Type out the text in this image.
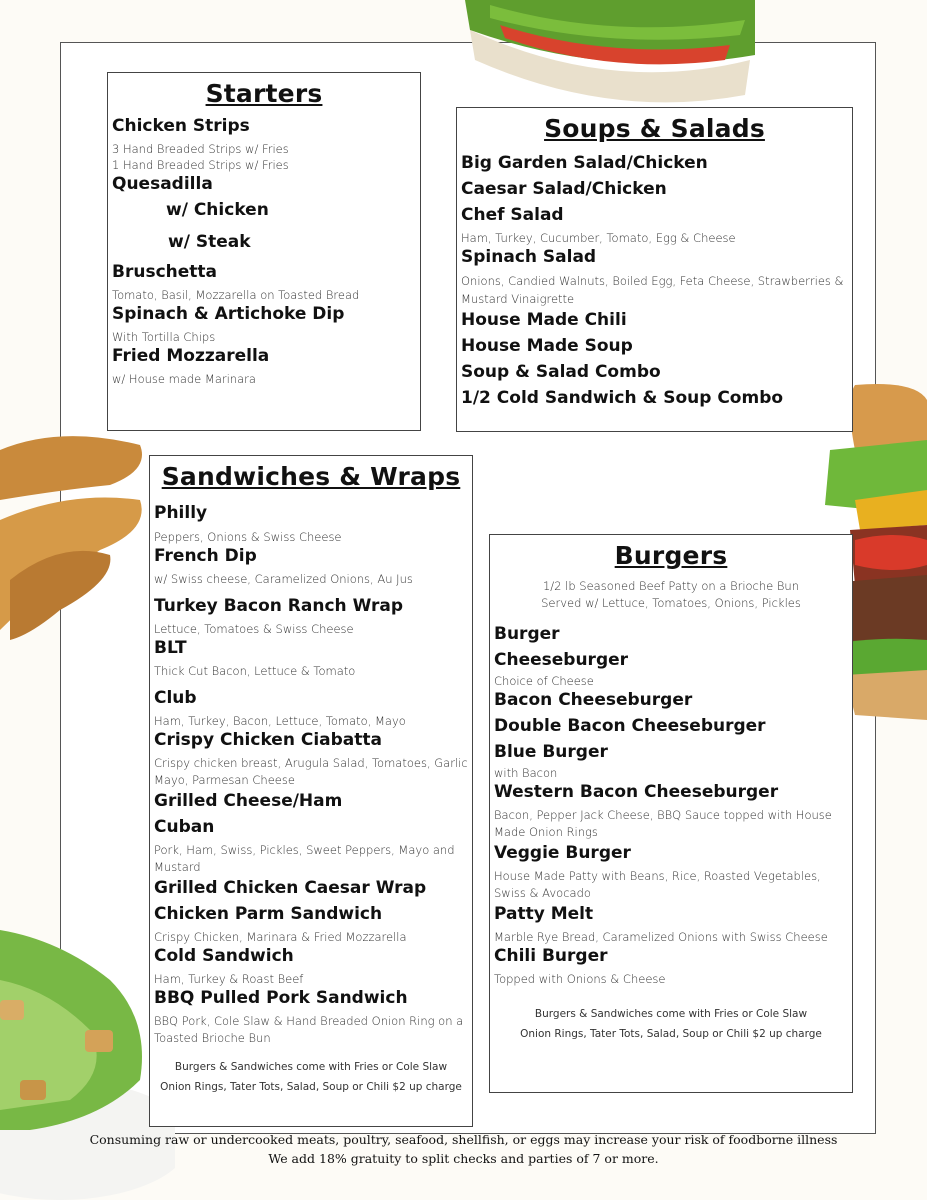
Starters

Chicken Strips

3 Hand Breaded Strips w/ Fries

1 Hand Breaded Strips w/ Fries

Quesadilla

w/ Chicken

w/ Steak

Bruschetta

Tomato, Basil, Mozzarella on Toasted Bread

Spinach & Artichoke Dip

With Tortilla Chips

Fried Mozzarella

w/ House made Marinara

Soups & Salads

Big Garden Salad/Chicken

Caesar Salad/Chicken

Chef Salad

Ham, Turkey, Cucumber, Tomato, Egg & Cheese

Spinach Salad

Onions, Candied Walnuts, Boiled Egg, Feta Cheese, Strawberries & Mustard Vinaigrette

House Made Chili

House Made Soup

Soup & Salad Combo

1/2 Cold Sandwich & Soup Combo

Sandwiches & Wraps

Philly

Peppers, Onions & Swiss Cheese

French Dip

w/ Swiss cheese, Caramelized Onions, Au Jus

Turkey Bacon Ranch Wrap

Lettuce, Tomatoes & Swiss Cheese

BLT

Thick Cut Bacon, Lettuce & Tomato

Club

Ham, Turkey, Bacon, Lettuce, Tomato, Mayo

Crispy Chicken Ciabatta

Crispy chicken breast, Arugula Salad, Tomatoes, Garlic Mayo, Parmesan Cheese

Grilled Cheese/Ham

Cuban

Pork, Ham, Swiss, Pickles, Sweet Peppers, Mayo and Mustard

Grilled Chicken Caesar Wrap

Chicken Parm Sandwich

Crispy Chicken, Marinara & Fried Mozzarella

Cold Sandwich

Ham, Turkey & Roast Beef

BBQ Pulled Pork Sandwich

BBQ Pork, Cole Slaw & Hand Breaded Onion Ring on a Toasted Brioche Bun

Burgers & Sandwiches come with Fries or Cole Slaw

Onion Rings, Tater Tots, Salad, Soup or Chili $2 up charge

Burgers

1/2 lb Seasoned Beef Patty on a Brioche Bun Served w/ Lettuce, Tomatoes, Onions, Pickles

Burger

Cheeseburger

Choice of Cheese

Bacon Cheeseburger

Double Bacon Cheeseburger

Blue Burger

with Bacon

Western Bacon Cheeseburger

Bacon, Pepper Jack Cheese, BBQ Sauce topped with House Made Onion Rings

Veggie Burger

House Made Patty with Beans, Rice, Roasted Vegetables, Swiss & Avocado

Patty Melt

Marble Rye Bread, Caramelized Onions with Swiss Cheese

Chili Burger

Topped with Onions & Cheese

Burgers & Sandwiches come with Fries or Cole Slaw

Onion Rings, Tater Tots, Salad, Soup or Chili $2 up charge

Consuming raw or undercooked meats, poultry, seafood, shellfish, or eggs may increase your risk of foodborne illness
We add 18% gratuity to split checks and parties of 7 or more.
